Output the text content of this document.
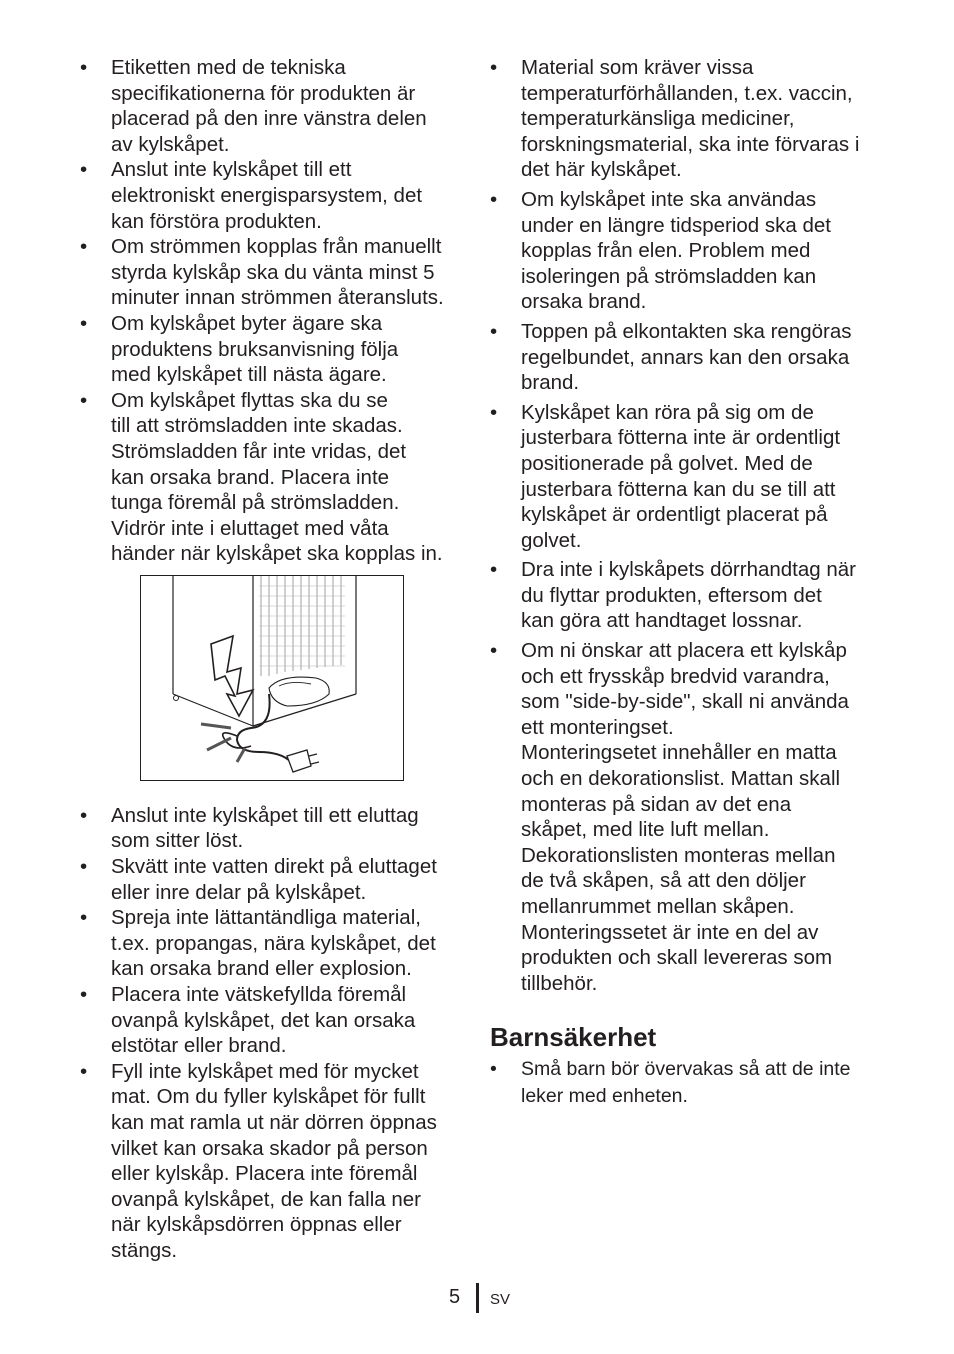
• Etiketten med de tekniska
specifikationerna för produkten är
placerad på den inre vänstra delen
av kylskåpet.
• Anslut inte kylskåpet till ett
elektroniskt energisparsystem, det
kan förstöra produkten.
• Om strömmen kopplas från manuellt
styrda kylskåp ska du vänta minst 5
minuter innan strömmen återansluts.
• Om kylskåpet byter ägare ska
produktens bruksanvisning följa
med kylskåpet till nästa ägare.
• Om kylskåpet flyttas ska du se
till att strömsladden inte skadas.
Strömsladden får inte vridas, det
kan orsaka brand. Placera inte
tunga föremål på strömsladden.
Vidrör inte i eluttaget med våta
händer när kylskåpet ska kopplas in.
• Anslut inte kylskåpet till ett eluttag
som sitter löst.
• Skvätt inte vatten direkt på eluttaget
eller inre delar på kylskåpet.
• Spreja inte lättantändliga material,
t.ex. propangas, nära kylskåpet, det
kan orsaka brand eller explosion.
• Placera inte vätskefyllda föremål
ovanpå kylskåpet, det kan orsaka
elstötar eller brand.
• Fyll inte kylskåpet med för mycket
mat. Om du fyller kylskåpet för fullt
kan mat ramla ut när dörren öppnas
vilket kan orsaka skador på person
eller kylskåp. Placera inte föremål
ovanpå kylskåpet, de kan falla ner
när kylskåpsdörren öppnas eller
stängs.
• Material som kräver vissa
temperaturförhållanden, t.ex. vaccin,
temperaturkänsliga mediciner,
forskningsmaterial, ska inte förvaras i
det här kylskåpet.
• Om kylskåpet inte ska användas
under en längre tidsperiod ska det
kopplas från elen. Problem med
isoleringen på strömsladden kan
orsaka brand.
• Toppen på elkontakten ska rengöras
regelbundet, annars kan den orsaka
brand.
• Kylskåpet kan röra på sig om de
justerbara fötterna inte är ordentligt
positionerade på golvet. Med de
justerbara fötterna kan du se till att
kylskåpet är ordentligt placerat på
golvet.
• Dra inte i kylskåpets dörrhandtag när
du flyttar produkten, eftersom det
kan göra att handtaget lossnar.
• Om ni önskar att placera ett kylskåp
och ett frysskåp bredvid varandra,
som "side-by-side", skall ni använda
ett monteringset.
Monteringsetet innehåller en matta
och en dekorationslist. Mattan skall
monteras på sidan av det ena
skåpet, med lite luft mellan.
Dekorationslisten monteras mellan
de två skåpen, så att den döljer
mellanrummet mellan skåpen.
Monteringssetet är inte en del av
produkten och skall levereras som
tillbehör.
Barnsäkerhet
• Små barn bör övervakas så att de inte
leker med enheten.
5 SV
